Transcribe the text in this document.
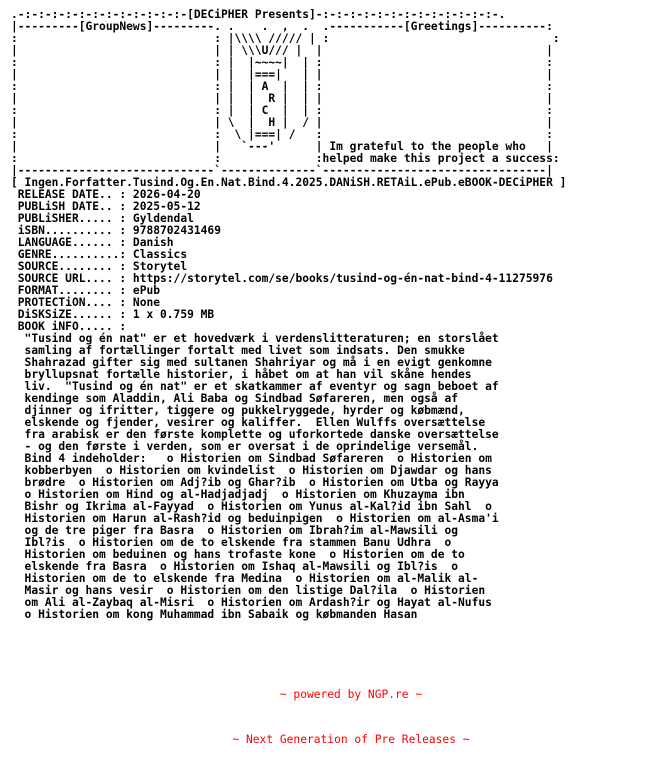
.-:-:-:-:-:-:-:-:-:-:-:-:-[DECiPHER Presents]-:-:-:-:-:-:-:-:-:-:-:-:-:-.
|---------[GroupNews]---------. .    .  ,  .  .-----------[Greetings]----------:
:                             : |\\\\ ///// | :                                 :
|                             | | \\\U/// |  |                                 |
:                             : |  |~~~~|  | :                                 :
|                             | |  |===|   | |                                 |
:                             : |  | A  |  | :                                 :
|                             | |  |  R |  | |                                 |
:                             : |  | C  |  | :                                 :
|                             | \  |  H |  / |                                 |
:                             :  \ |===| /   :                                 :
|                             |   `---'      | Im grateful to the people who   |
:                             :              :helped make this project a success:
|-----------------------------`--------------`---------------------------------|
[ Ingen.Forfatter.Tusind.Og.En.Nat.Bind.4.2025.DANiSH.RETAiL.ePub.eBOOK-DECiPHER ]
RELEASE DATE.. : 2026-04-20
PUBLiSH DATE.. : 2025-05-12
PUBLiSHER..... : Gyldendal
iSBN.......... : 9788702431469
LANGUAGE...... : Danish
GENRE..........: Classics
SOURCE........ : Storytel
SOURCE URL.... : https://storytel.com/se/books/tusind-og-én-nat-bind-4-11275976
FORMAT........ : ePub
PROTECTiON.... : None
DiSKSiZE...... : 1 x 0.759 MB
BOOK iNFO..... :
"Tusind og én nat" er et hovedværk i verdenslitteraturen; en storslået
samling af fortællinger fortalt med livet som indsats. Den smukke
Shahrazad gifter sig med sultanen Shahriyar og må i en evigt genkomne
bryllupsnat fortælle historier, i håbet om at han vil skåne hendes
liv.  "Tusind og én nat" er et skatkammer af eventyr og sagn beboet af
kendinge som Aladdin, Ali Baba og Sindbad Søfareren, men også af
djinner og ifritter, tiggere og pukkelryggede, hyrder og købmænd,
elskende og fjender, vesirer og kaliffer.  Ellen Wulffs oversættelse
fra arabisk er den første komplette og uforkortede danske oversættelse
- og den første i verden, som er oversat i de oprindelige versemål.
Bind 4 indeholder:   o Historien om Sindbad Søfareren  o Historien om
kobberbyen  o Historien om kvindelist  o Historien om Djawdar og hans
brødre  o Historien om Adj?ib og Ghar?ib  o Historien om Utba og Rayya
o Historien om Hind og al-Hadjadjadj  o Historien om Khuzayma ibn
Bishr og Ikrima al-Fayyad  o Historien om Yunus al-Kal?id ibn Sahl  o
Historien om Harun al-Rash?id og beduinpigen  o Historien om al-Asma'i
og de tre piger fra Basra  o Historien om Ibrah?im al-Mawsili og
Ibl?is  o Historien om de to elskende fra stammen Banu Udhra  o
Historien om beduinen og hans trofaste kone  o Historien om de to
elskende fra Basra  o Historien om Ishaq al-Mawsili og Ibl?is  o
Historien om de to elskende fra Medina  o Historien om al-Malik al-
Masir og hans vesir  o Historien om den listige Dal?ila  o Historien
om Ali al-Zaybaq al-Misri  o Historien om Ardash?ir og Hayat al-Nufus
o Historien om kong Muhammad ibn Sabaik og købmanden Hasan

~ powered by NGP.re ~

~ Next Generation of Pre Releases ~
